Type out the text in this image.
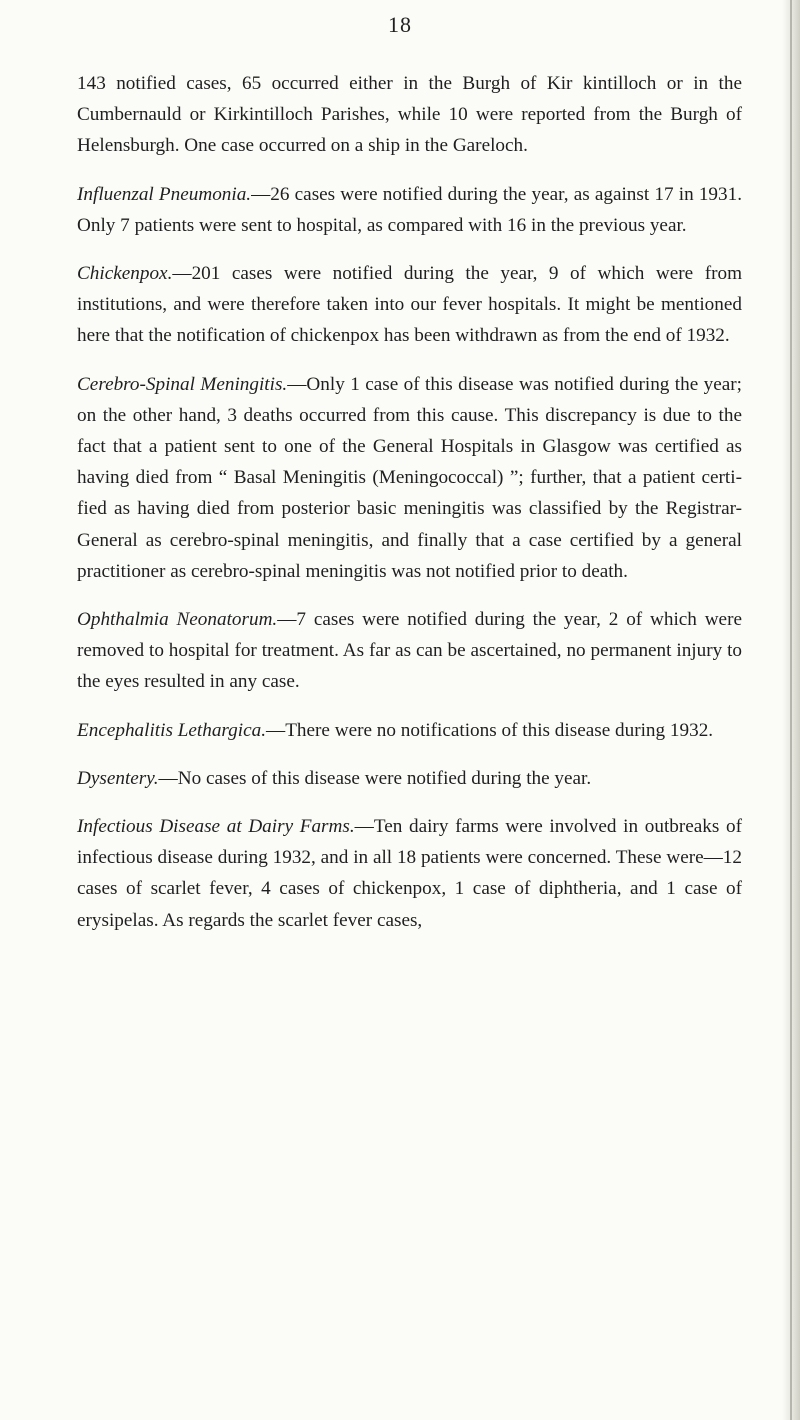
18

143 notified cases, 65 occurred either in the Burgh of Kir kintilloch or in the Cumbernauld or Kirkintilloch Parishes, while 10 were reported from the Burgh of Helensburgh. One case occurred on a ship in the Gareloch.

Influenzal Pneumonia.—26 cases were notified during the year, as against 17 in 1931. Only 7 patients were sent to hospital, as compared with 16 in the previous year.

Chickenpox.—201 cases were notified during the year, 9 of which were from institutions, and were therefore taken into our fever hospitals. It might be mentioned here that the notification of chickenpox has been withdrawn as from the end of 1932.

Cerebro-Spinal Meningitis.—Only 1 case of this disease was notified during the year; on the other hand, 3 deaths occurred from this cause. This discrepancy is due to the fact that a patient sent to one of the General Hospitals in Glasgow was certified as having died from “ Basal Meningitis (Meningococcal) ”; further, that a patient certi- fied as having died from posterior basic meningitis was classified by the Registrar-General as cerebro-spinal meningitis, and finally that a case certified by a general practitioner as cerebro-spinal meningitis was not notified prior to death.

Ophthalmia Neonatorum.—7 cases were notified during the year, 2 of which were removed to hospital for treatment. As far as can be ascertained, no permanent injury to the eyes resulted in any case.

Encephalitis Lethargica.—There were no notifications of this disease during 1932.

Dysentery.—No cases of this disease were notified during the year.

Infectious Disease at Dairy Farms.—Ten dairy farms were involved in outbreaks of infectious disease during 1932, and in all 18 patients were concerned. These were—12 cases of scarlet fever, 4 cases of chickenpox, 1 case of diphtheria, and 1 case of erysipelas. As regards the scarlet fever cases,
